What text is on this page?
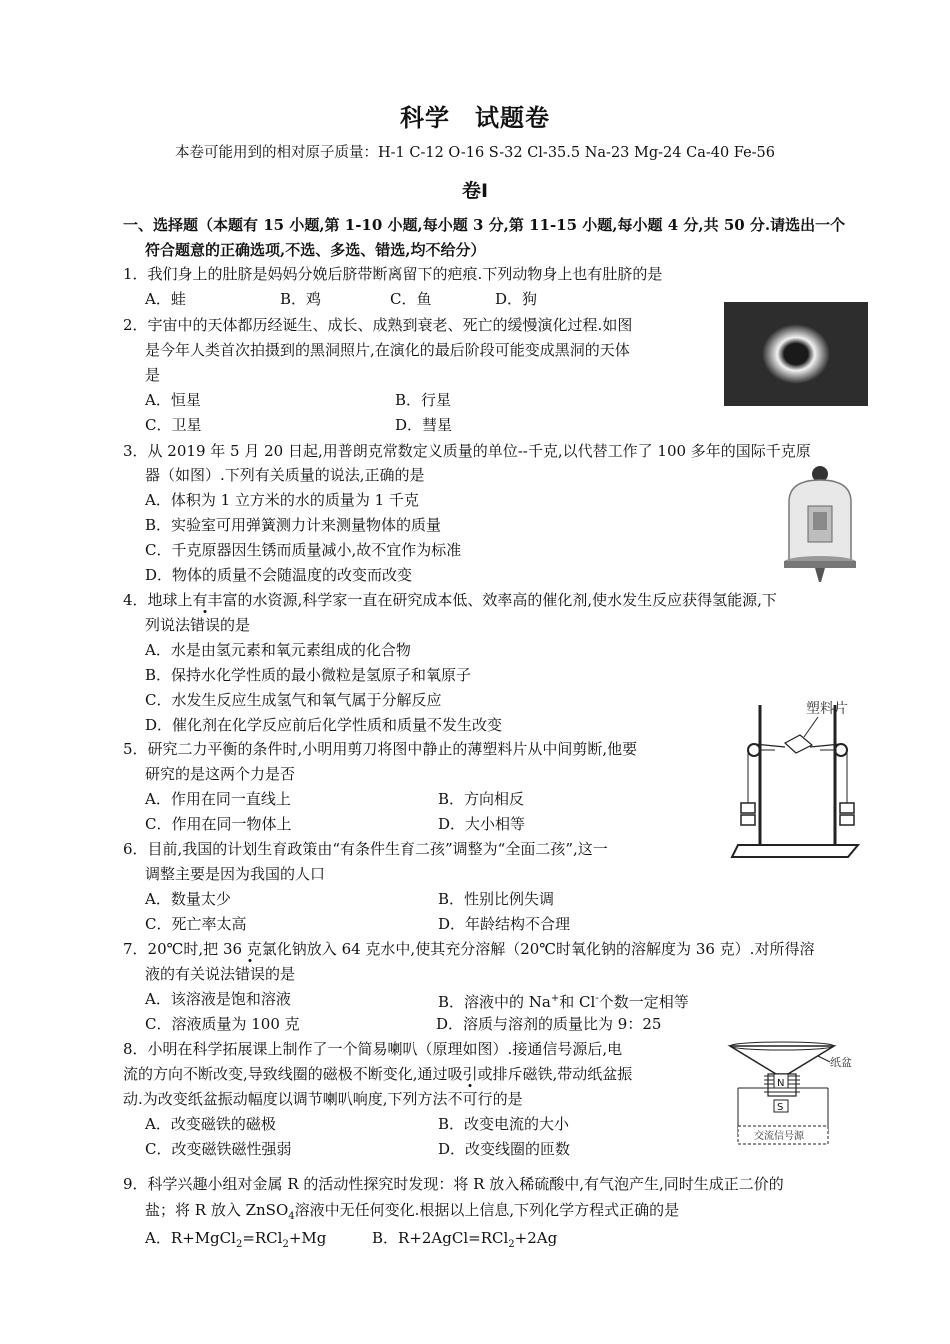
科学　试题卷
本卷可能用到的相对原子质量：H-1 C-12 O-16 S-32 Cl-35.5 Na-23 Mg-24 Ca-40 Fe-56
卷Ⅰ
一、选择题（本题有 15 小题,第 1-10 小题,每小题 3 分,第 11-15 小题,每小题 4 分,共 50 分.请选出一个
符合题意的正确选项,不选、多选、错选,均不给分）
1．我们身上的肚脐是妈妈分娩后脐带断离留下的疤痕.下列动物身上也有肚脐的是
A．蛙	B．鸡	C．鱼	D．狗
2．宇宙中的天体都历经诞生、成长、成熟到衰老、死亡的缓慢演化过程.如图
是今年人类首次拍摄到的黑洞照片,在演化的最后阶段可能变成黑洞的天体
是
A．恒星	B．行星
C．卫星	D．彗星
3．从 2019 年 5 月 20 日起,用普朗克常数定义质量的单位--千克,以代替工作了 100 多年的国际千克原
器（如图）.下列有关质量的说法,正确的是
A．体积为 1 立方米的水的质量为 1 千克
B．实验室可用弹簧测力计来测量物体的质量
C．千克原器因生锈而质量减小,故不宜作为标准
D．物体的质量不会随温度的改变而改变
4．地球上有丰富的水资源,科学家一直在研究成本低、效率高的催化剂,使水发生反应获得氢能源,下
列说法错误的是
A．水是由氢元素和氧元素组成的化合物
B．保持水化学性质的最小微粒是氢原子和氧原子
C．水发生反应生成氢气和氧气属于分解反应
D．催化剂在化学反应前后化学性质和质量不发生改变
5．研究二力平衡的条件时,小明用剪刀将图中静止的薄塑料片从中间剪断,他要
研究的是这两个力是否
A．作用在同一直线上	B．方向相反
C．作用在同一物体上	D．大小相等
塑料片
6．目前,我国的计划生育政策由“有条件生育二孩”调整为“全面二孩”,这一
调整主要是因为我国的人口
A．数量太少	B．性别比例失调
C．死亡率太高	D．年龄结构不合理
7．20℃时,把 36 克氯化钠放入 64 克水中,使其充分溶解（20℃时氧化钠的溶解度为 36 克）.对所得溶
液的有关说法错误的是
A．该溶液是饱和溶液	B．溶液中的 Na+和 Cl-个数一定相等
C．溶液质量为 100 克	D．溶质与溶剂的质量比为 9：25
8．小明在科学拓展课上制作了一个简易喇叭（原理如图）.接通信号源后,电
流的方向不断改变,导致线圈的磁极不断变化,通过吸引或排斥磁铁,带动纸盆振
动.为改变纸盆振动幅度以调节喇叭响度,下列方法不可行的是
A．改变磁铁的磁极	B．改变电流的大小
C．改变磁铁磁性强弱	D．改变线圈的匝数
纸盆
N
S
交流信号源
9．科学兴趣小组对金属 R 的活动性探究时发现：将 R 放入稀硫酸中,有气泡产生,同时生成正二价的
盐；将 R 放入 ZnSO$_4$溶液中无任何变化.根据以上信息,下列化学方程式正确的是
A．R+MgCl$_2$=RCl$_2$+Mg	B．R+2AgCl=RCl$_2$+2Ag
